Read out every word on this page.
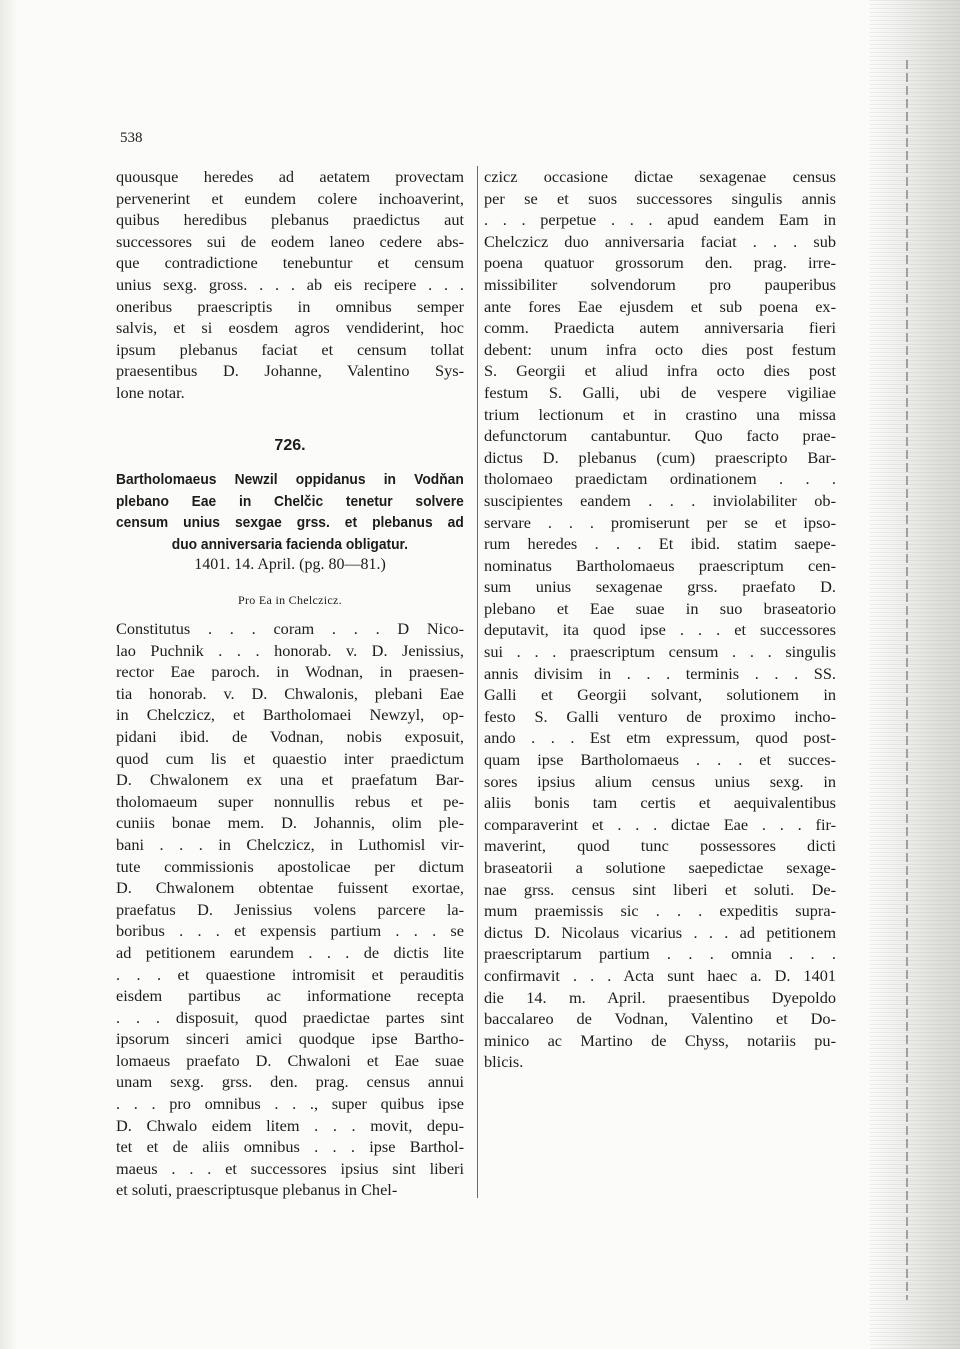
538
quousque heredes ad aetatem provectam
pervenerint et eundem colere inchoaverint,
quibus heredibus plebanus praedictus aut
successores sui de eodem laneo cedere abs-
que contradictione tenebuntur et censum
unius sexg. gross. . . . ab eis recipere . . .
oneribus praescriptis in omnibus semper
salvis, et si eosdem agros vendiderint, hoc
ipsum plebanus faciat et censum tollat
praesentibus D. Johanne, Valentino Sys-
lone notar.
726.
Bartholomaeus Newzil oppidanus in Vodňan
plebano Eae in Chelčic tenetur solvere
censum unius sexgae grss. et plebanus ad
duo anniversaria facienda obligatur.
1401. 14. April. (pg. 80—81.)
Pro Ea in Chelczicz.
Constitutus . . . coram . . . D Nico-
lao Puchnik . . . honorab. v. D. Jenissius,
rector Eae paroch. in Wodnan, in praesen-
tia honorab. v. D. Chwalonis, plebani Eae
in Chelczicz, et Bartholomaei Newzyl, op-
pidani ibid. de Vodnan, nobis exposuit,
quod cum lis et quaestio inter praedictum
D. Chwalonem ex una et praefatum Bar-
tholomaeum super nonnullis rebus et pe-
cuniis bonae mem. D. Johannis, olim ple-
bani . . . in Chelczicz, in Luthomisl vir-
tute commissionis apostolicae per dictum
D. Chwalonem obtentae fuissent exortae,
praefatus D. Jenissius volens parcere la-
boribus . . . et expensis partium . . . se
ad petitionem earundem . . . de dictis lite
. . . et quaestione intromisit et perauditis
eisdem partibus ac informatione recepta
. . . disposuit, quod praedictae partes sint
ipsorum sinceri amici quodque ipse Bartho-
lomaeus praefato D. Chwaloni et Eae suae
unam sexg. grss. den. prag. census annui
. . . pro omnibus . . ., super quibus ipse
D. Chwalo eidem litem . . . movit, depu-
tet et de aliis omnibus . . . ipse Barthol-
maeus . . . et successores ipsius sint liberi
et soluti, praescriptusque plebanus in Chel-
czicz occasione dictae sexagenae census
per se et suos successores singulis annis
. . . perpetue . . . apud eandem Eam in
Chelczicz duo anniversaria faciat . . . sub
poena quatuor grossorum den. prag. irre-
missibiliter solvendorum pro pauperibus
ante fores Eae ejusdem et sub poena ex-
comm. Praedicta autem anniversaria fieri
debent: unum infra octo dies post festum
S. Georgii et aliud infra octo dies post
festum S. Galli, ubi de vespere vigiliae
trium lectionum et in crastino una missa
defunctorum cantabuntur. Quo facto prae-
dictus D. plebanus (cum) praescripto Bar-
tholomaeo praedictam ordinationem . . .
suscipientes eandem . . . inviolabiliter ob-
servare . . . promiserunt per se et ipso-
rum heredes . . . Et ibid. statim saepe-
nominatus Bartholomaeus praescriptum cen-
sum unius sexagenae grss. praefato D.
plebano et Eae suae in suo braseatorio
deputavit, ita quod ipse . . . et successores
sui . . . praescriptum censum . . . singulis
annis divisim in . . . terminis . . . SS.
Galli et Georgii solvant, solutionem in
festo S. Galli venturo de proximo incho-
ando . . . Est etm expressum, quod post-
quam ipse Bartholomaeus . . . et succes-
sores ipsius alium census unius sexg. in
aliis bonis tam certis et aequivalentibus
comparaverint et . . . dictae Eae . . . fir-
maverint, quod tunc possessores dicti
braseatorii a solutione saepedictae sexage-
nae grss. census sint liberi et soluti. De-
mum praemissis sic . . . expeditis supra-
dictus D. Nicolaus vicarius . . . ad petitionem
praescriptarum partium . . . omnia . . .
confirmavit . . . Acta sunt haec a. D. 1401
die 14. m. April. praesentibus Dyepoldo
baccalareo de Vodnan, Valentino et Do-
minico ac Martino de Chyss, notariis pu-
blicis.
